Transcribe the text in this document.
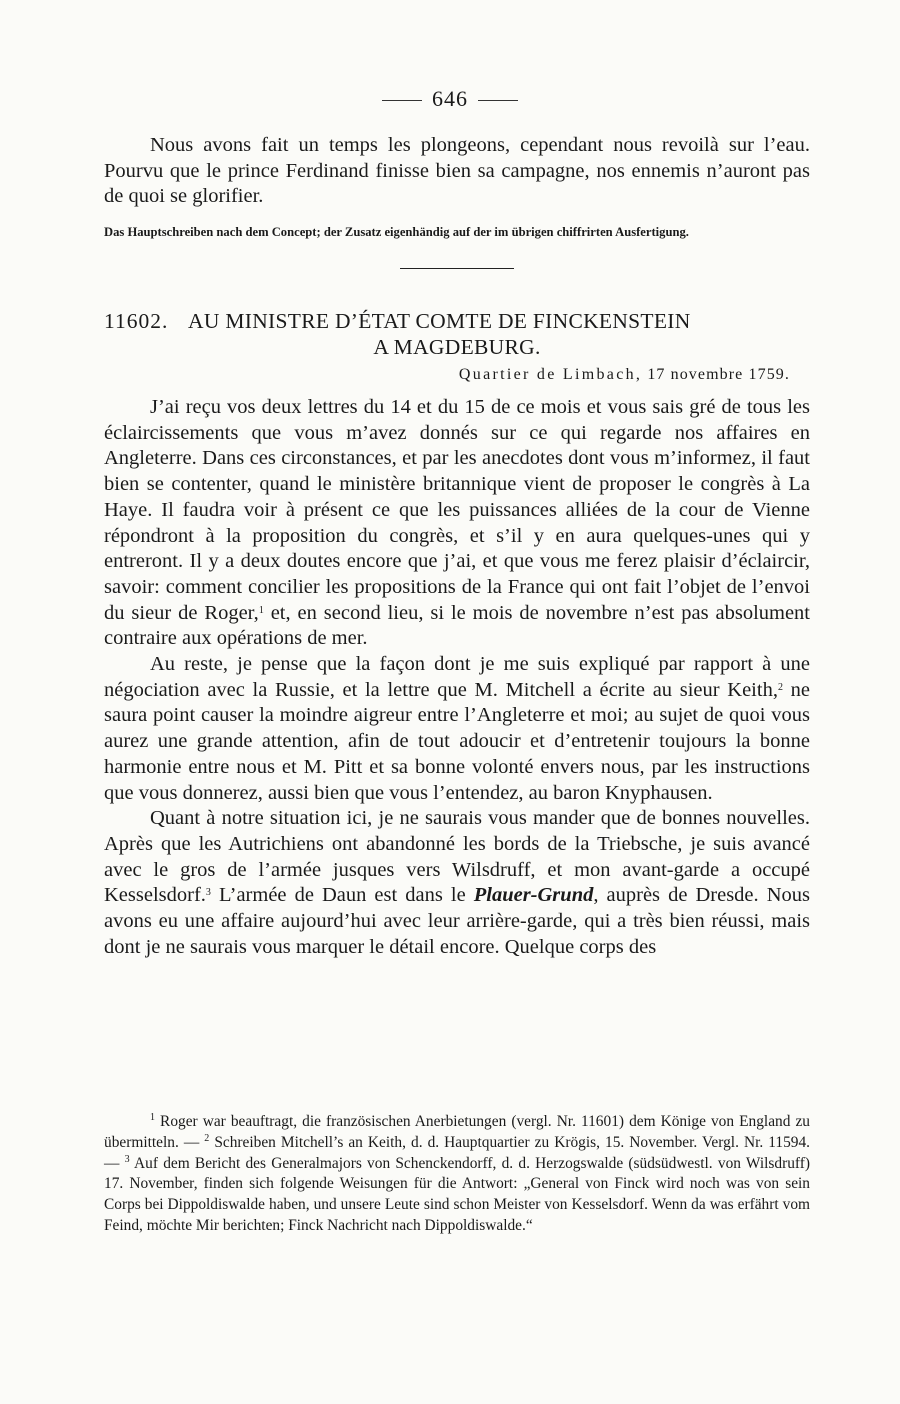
646

Nous avons fait un temps les plongeons, cependant nous revoilà sur l’eau. Pourvu que le prince Ferdinand finisse bien sa campagne, nos ennemis n’auront pas de quoi se glorifier.

Das Hauptschreiben nach dem Concept; der Zusatz eigenhändig auf der im übrigen chiffrirten Ausfertigung.
11602. AU MINISTRE D’ÉTAT COMTE DE FINCKENSTEIN
A MAGDEBURG.
Quartier de Limbach, 17 novembre 1759.

J’ai reçu vos deux lettres du 14 et du 15 de ce mois et vous sais gré de tous les éclaircissements que vous m’avez donnés sur ce qui regarde nos affaires en Angleterre. Dans ces circonstances, et par les anecdotes dont vous m’informez, il faut bien se contenter, quand le ministère britannique vient de proposer le congrès à La Haye. Il faudra voir à présent ce que les puissances alliées de la cour de Vienne répondront à la proposition du congrès, et s’il y en aura quelques-unes qui y entreront. Il y a deux doutes encore que j’ai, et que vous me ferez plaisir d’éclaircir, savoir: comment concilier les propositions de la France qui ont fait l’objet de l’envoi du sieur de Roger,$^1$ et, en second lieu, si le mois de novembre n’est pas absolument contraire aux opérations de mer.

Au reste, je pense que la façon dont je me suis expliqué par rapport à une négociation avec la Russie, et la lettre que M. Mitchell a écrite au sieur Keith,$^2$ ne saura point causer la moindre aigreur entre l’Angleterre et moi; au sujet de quoi vous aurez une grande attention, afin de tout adoucir et d’entretenir toujours la bonne harmonie entre nous et M. Pitt et sa bonne volonté envers nous, par les instructions que vous donnerez, aussi bien que vous l’entendez, au baron Knyphausen.

Quant à notre situation ici, je ne saurais vous mander que de bonnes nouvelles. Après que les Autrichiens ont abandonné les bords de la Triebsche, je suis avancé avec le gros de l’armée jusques vers Wilsdruff, et mon avant-garde a occupé Kesselsdorf.$^3$ L’armée de Daun est dans le Plauer-Grund, auprès de Dresde. Nous avons eu une affaire aujourd’hui avec leur arrière-garde, qui a très bien réussi, mais dont je ne saurais vous marquer le détail encore. Quelque corps des

$^1$ Roger war beauftragt, die französischen Anerbietungen (vergl. Nr. 11601) dem Könige von England zu übermitteln. — $^2$ Schreiben Mitchell’s an Keith, d. d. Hauptquartier zu Krögis, 15. November. Vergl. Nr. 11594. — $^3$ Auf dem Bericht des Generalmajors von Schenckendorff, d. d. Herzogswalde (südsüdwestl. von Wilsdruff) 17. November, finden sich folgende Weisungen für die Antwort: „General von Finck wird noch was von sein Corps bei Dippoldiswalde haben, und unsere Leute sind schon Meister von Kesselsdorf. Wenn da was erfährt vom Feind, möchte Mir berichten; Finck Nachricht nach Dippoldiswalde.“
